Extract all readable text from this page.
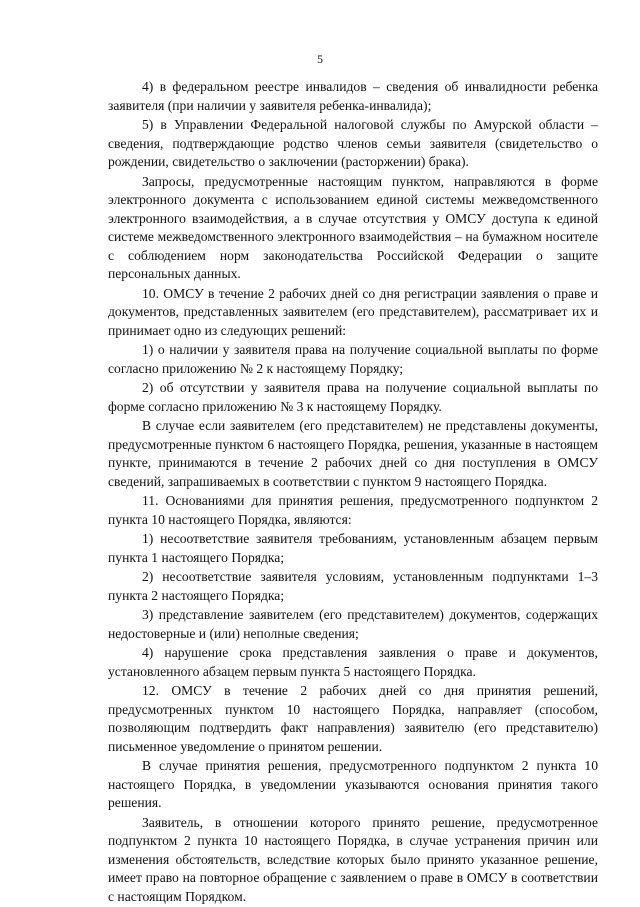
5

4) в федеральном реестре инвалидов – сведения об инвалидности ребенка заявителя (при наличии у заявителя ребенка-инвалида);

5) в Управлении Федеральной налоговой службы по Амурской области – сведения, подтверждающие родство членов семьи заявителя (свидетельство о рождении, свидетельство о заключении (расторжении) брака).

Запросы, предусмотренные настоящим пунктом, направляются в форме электронного документа с использованием единой системы межведомственного электронного взаимодействия, а в случае отсутствия у ОМСУ доступа к единой системе межведомственного электронного взаимодействия – на бумажном носителе с соблюдением норм законодательства Российской Федерации о защите персональных данных.

10. ОМСУ в течение 2 рабочих дней со дня регистрации заявления о праве и документов, представленных заявителем (его представителем), рассматривает их и принимает одно из следующих решений:

1) о наличии у заявителя права на получение социальной выплаты по форме согласно приложению № 2 к настоящему Порядку;

2) об отсутствии у заявителя права на получение социальной выплаты по форме согласно приложению № 3 к настоящему Порядку.

В случае если заявителем (его представителем) не представлены документы, предусмотренные пунктом 6 настоящего Порядка, решения, указанные в настоящем пункте, принимаются в течение 2 рабочих дней со дня поступления в ОМСУ сведений, запрашиваемых в соответствии с пунктом 9 настоящего Порядка.

11. Основаниями для принятия решения, предусмотренного подпунктом 2 пункта 10 настоящего Порядка, являются:

1) несоответствие заявителя требованиям, установленным абзацем первым пункта 1 настоящего Порядка;

2) несоответствие заявителя условиям, установленным подпунктами 1–3 пункта 2 настоящего Порядка;

3) представление заявителем (его представителем) документов, содержащих недостоверные и (или) неполные сведения;

4) нарушение срока представления заявления о праве и документов, установленного абзацем первым пункта 5 настоящего Порядка.

12. ОМСУ в течение 2 рабочих дней со дня принятия решений, предусмотренных пунктом 10 настоящего Порядка, направляет (способом, позволяющим подтвердить факт направления) заявителю (его представителю) письменное уведомление о принятом решении.

В случае принятия решения, предусмотренного подпунктом 2 пункта 10 настоящего Порядка, в уведомлении указываются основания принятия такого решения.

Заявитель, в отношении которого принято решение, предусмотренное подпунктом 2 пункта 10 настоящего Порядка, в случае устранения причин или изменения обстоятельств, вследствие которых было принято указанное решение, имеет право на повторное обращение с заявлением о праве в ОМСУ в соответствии с настоящим Порядком.
